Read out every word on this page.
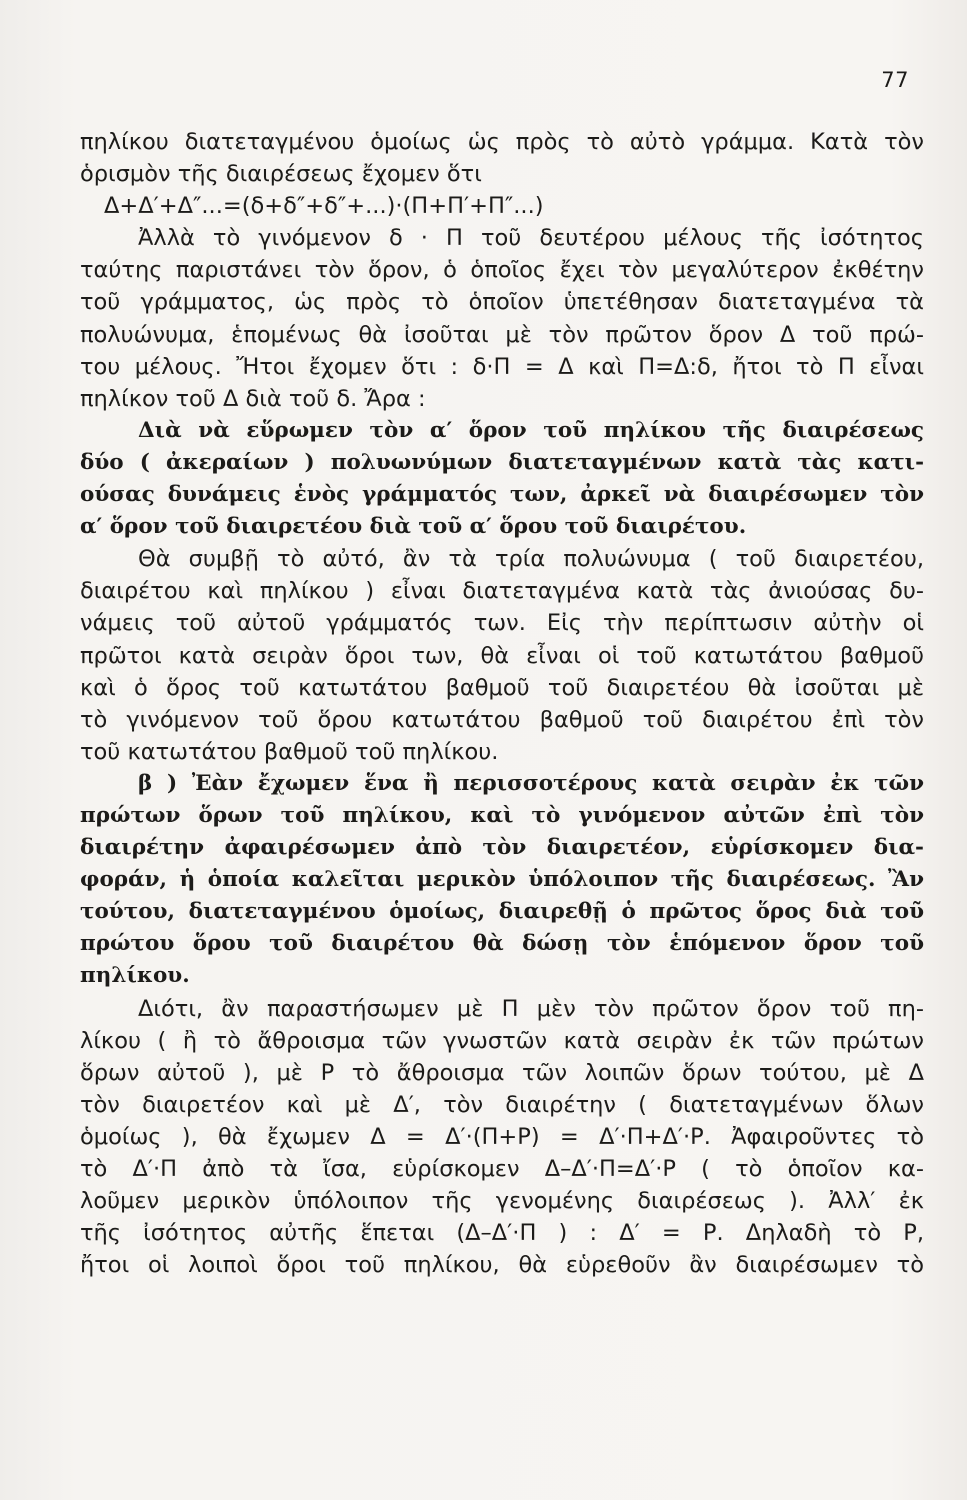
77
πηλίκου διατεταγμένου ὁμοίως ὡς πρὸς τὸ αὐτὸ γράμμα. Κατὰ τὸν
ὁρισμὸν τῆς διαιρέσεως ἔχομεν ὅτι
Δ+Δ′+Δ″...=(δ+δ″+δ″+...)·(Π+Π′+Π″...)
Ἀλλὰ τὸ γινόμενον δ · Π τοῦ δευτέρου μέλους τῆς ἰσότητος
ταύτης παριστάνει τὸν ὅρον, ὁ ὁποῖος ἔχει τὸν μεγαλύτερον ἐκθέτην
τοῦ γράμματος, ὡς πρὸς τὸ ὁποῖον ὑπετέθησαν διατεταγμένα τὰ
πολυώνυμα, ἑπομένως θὰ ἰσοῦται μὲ τὸν πρῶτον ὅρον Δ τοῦ πρώ-
του μέλους. Ἤτοι ἔχομεν ὅτι : δ·Π = Δ καὶ Π=Δ:δ, ἤτοι τὸ Π εἶναι
πηλίκον τοῦ Δ διὰ τοῦ δ. Ἄρα :
Διὰ νὰ εὕρωμεν τὸν α′ ὅρον τοῦ πηλίκου τῆς διαιρέσεως
δύο ( ἀκεραίων ) πολυωνύμων διατεταγμένων κατὰ τὰς κατι-
ούσας δυνάμεις ἑνὸς γράμματός των, ἀρκεῖ νὰ διαιρέσωμεν τὸν
α′ ὅρον τοῦ διαιρετέου διὰ τοῦ α′ ὅρου τοῦ διαιρέτου.
Θὰ συμβῇ τὸ αὐτό, ἂν τὰ τρία πολυώνυμα ( τοῦ διαιρετέου,
διαιρέτου καὶ πηλίκου ) εἶναι διατεταγμένα κατὰ τὰς ἀνιούσας δυ-
νάμεις τοῦ αὐτοῦ γράμματός των. Εἰς τὴν περίπτωσιν αὐτὴν οἱ
πρῶτοι κατὰ σειρὰν ὅροι των, θὰ εἶναι οἱ τοῦ κατωτάτου βαθμοῦ
καὶ ὁ ὅρος τοῦ κατωτάτου βαθμοῦ τοῦ διαιρετέου θὰ ἰσοῦται μὲ
τὸ γινόμενον τοῦ ὅρου κατωτάτου βαθμοῦ τοῦ διαιρέτου ἐπὶ τὸν
τοῦ κατωτάτου βαθμοῦ τοῦ πηλίκου.
β ) Ἐὰν ἔχωμεν ἕνα ἢ περισσοτέρους κατὰ σειρὰν ἐκ τῶν
πρώτων ὅρων τοῦ πηλίκου, καὶ τὸ γινόμενον αὐτῶν ἐπὶ τὸν
διαιρέτην ἀφαιρέσωμεν ἀπὸ τὸν διαιρετέον, εὑρίσκομεν δια-
φοράν, ἡ ὁποία καλεῖται μερικὸν ὑπόλοιπον τῆς διαιρέσεως. Ἂν
τούτου, διατεταγμένου ὁμοίως, διαιρεθῇ ὁ πρῶτος ὅρος διὰ τοῦ
πρώτου ὅρου τοῦ διαιρέτου θὰ δώσῃ τὸν ἑπόμενον ὅρον τοῦ
πηλίκου.
Διότι, ἂν παραστήσωμεν μὲ Π μὲν τὸν πρῶτον ὅρον τοῦ πη-
λίκου ( ἢ τὸ ἄθροισμα τῶν γνωστῶν κατὰ σειρὰν ἐκ τῶν πρώτων
ὅρων αὐτοῦ ), μὲ Ρ τὸ ἄθροισμα τῶν λοιπῶν ὅρων τούτου, μὲ Δ
τὸν διαιρετέον καὶ μὲ Δ′, τὸν διαιρέτην ( διατεταγμένων ὅλων
ὁμοίως ), θὰ ἔχωμεν Δ = Δ′·(Π+Ρ) = Δ′·Π+Δ′·Ρ. Ἀφαιροῦντες τὸ
τὸ Δ′·Π ἀπὸ τὰ ἴσα, εὑρίσκομεν Δ–Δ′·Π=Δ′·Ρ ( τὸ ὁποῖον κα-
λοῦμεν μερικὸν ὑπόλοιπον τῆς γενομένης διαιρέσεως ). Ἀλλ′ ἐκ
τῆς ἰσότητος αὐτῆς ἕπεται (Δ–Δ′·Π ) : Δ′ = Ρ. Δηλαδὴ τὸ Ρ,
ἤτοι οἱ λοιποὶ ὅροι τοῦ πηλίκου, θὰ εὑρεθοῦν ἂν διαιρέσωμεν τὸ
